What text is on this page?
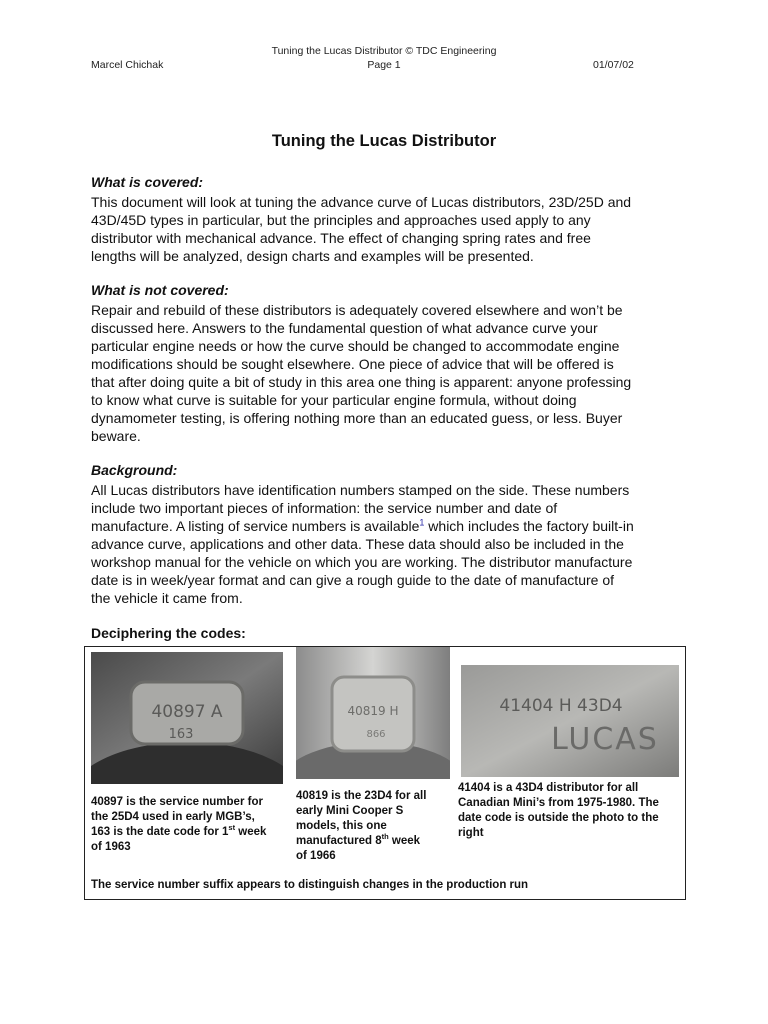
Tuning the Lucas Distributor © TDC Engineering
Marcel Chichak	Page 1	01/07/02
Tuning the Lucas Distributor

What is covered:

This document will look at tuning the advance curve of Lucas distributors, 23D/25D and

43D/45D types in particular, but the principles and approaches used apply to any

distributor with mechanical advance. The effect of changing spring rates and free

lengths will be analyzed, design charts and examples will be presented.

What is not covered:

Repair and rebuild of these distributors is adequately covered elsewhere and won’t be

discussed here. Answers to the fundamental question of what advance curve your

particular engine needs or how the curve should be changed to accommodate engine

modifications should be sought elsewhere. One piece of advice that will be offered is

that after doing quite a bit of study in this area one thing is apparent: anyone professing

to know what curve is suitable for your particular engine formula, without doing

dynamometer testing, is offering nothing more than an educated guess, or less. Buyer

beware.

Background:

All Lucas distributors have identification numbers stamped on the side. These numbers

include two important pieces of information: the service number and date of

manufacture. A listing of service numbers is available$^1$ which includes the factory built-in

advance curve, applications and other data. These data should also be included in the

workshop manual for the vehicle on which you are working. The distributor manufacture

date is in week/year format and can give a rough guide to the date of manufacture of

the vehicle it came from.

Deciphering the codes:

40897 A
163
40819 H
866
41404 H 43D4
LUCAS
40897 is the service number for
the 25D4 used in early MGB’s,
163 is the date code for 1st week
of 1963
40819 is the 23D4 for all
early Mini Cooper S
models, this one
manufactured 8th week
of 1966
41404 is a 43D4 distributor for all
Canadian Mini’s from 1975-1980. The
date code is outside the photo to the
right
The service number suffix appears to distinguish changes in the production run
